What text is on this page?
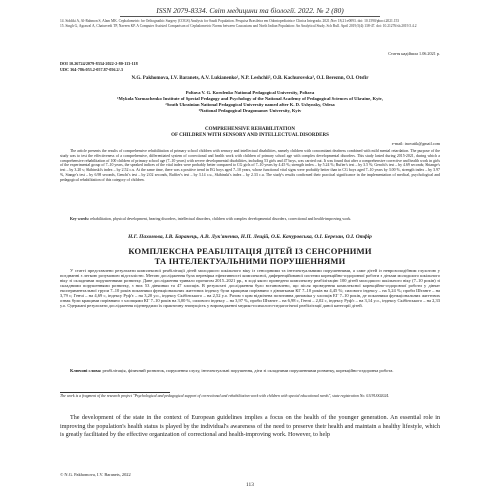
ISSN 2079-8334. Світ медицини та біології. 2022. № 2 (80)
14. Siddiki A, Al-Rahmon S, Alam MK. Cephalometric for Orthognathic Surgery (COGS) Analysis for Saudi Population. Pesquisa Brasileira em Odontopediatria e Clinica Integrada. 2021;Nov 18;21:e0093. doi: 10.1590/pboci.2021.153
15. Singh G, Agrawal A, Chaturvedi TP, Naveen KP. A Computer Assisted Comparison of Cephalometric Norms between Caucasians and North Indian Population: An Analytical Study. Sch Bull. April 2019;5(4):138-47. doi: 10.21276/sb.2019.5.4.2
Стаття надійшла 1.06.2021 р.
DOI 10.26724/2079-8334-2022-2-80-113-118
UDC 364-786:053.2-057.87-056.2/.3
N.G. Pakhomova, I.V. Baranets, A.V. Lukianenko¹, N.P. Leshchii², O.B. Kachurovska³, O.I. Bereznn, O.I. Otsfir
Poltava V. G. Korolenko National Pedagogical University, Poltava
¹Mykola Yarmachenko Institute of Special Pedagogy and Psychology of the National Academy of Pedagogical Sciences of Ukraine, Kyiv,
²South Ukrainian National Pedagogical University named after K. D. Ushynsky, Odesa
³National Pedagogical Dragomanov University, Kyiv
COMPREHENSIVE REHABILITATION
OF CHILDREN WITH SENSORY AND INTELLECTUAL DISORDERS
e-mail: inovatik@gmail.com
The article presents the results of comprehensive rehabilitation of primary school children with sensory and intellectual disabilities, namely children with concomitant deafness combined with mild mental retardation. The purpose of the study was to test the effectiveness of a comprehensive, differentiated system of correctional and health work with children of primary school age with complex developmental disorders. This study lasted during 2015-2021, during which a comprehensive rehabilitation of 100 children of primary school age (7–10 years) with severe developmental disabilities, including 53 girls and 47 boys, was carried out. It was found that after a comprehensive corrective and health work in girls of the experimental group of 7–10 years, the speaked indices of the vital index were probably better compared to CG girls of 7–10 years by 4.45 %; strength index – by 5.24 %; Rufier's test – by 3.5 %; Genchi's test – by 4.69 seconds; Shtange's test – by 3.20 s; Skibinski's index – by 2.52 c.u. At the same time, there was a positive trend in EG boys aged 7–10 years, whose functional vital signs were probably better than in CG boys aged 7–10 years by 3.00 %, strength index – by 3.97 %, Stange's test – by 6.98 seconds, Genchi's test – by 2.02 seconds, Ruffier's test – by 3.14 c.u., Skibinski's index – by 2.33 c.u. The study's results confirmed their practical significance in the implementation of medical, psychological and pedagogical rehabilitation of this category of children.
Key words: rehabilitation, physical development, hearing disorders, intellectual disorders, children with complex developmental disorders, correctional and health-improving work.
Н.Г. Пахомова, І.В. Баранець, А.В. Лук'яненко, Н.П. Лещій, О.Б. Качуровська, О.І. Березан, О.І. Отфір
КОМПЛЕКСНА РЕАБІЛІТАЦІЯ ДІТЕЙ ІЗ СЕНСОРНИМИ
ТА ІНТЕЛЕКТУАЛЬНИМИ ПОРУШЕННЯМИ
У статті представлено результати комплексної реабілітації дітей молодшого шкільного віку із сенсорними та інтелектуальними порушеннями, а саме дітей із неврозоподібним глухотою у поєднанні з легкою розумовою відсталістю. Метою дослідження була перевірка ефективності комплексної, диференційованої системи корекційно-оздоровчої роботи з дітьми молодшого шкільного віку зі складними порушеннями розвитку. Дане дослідження тривало протягом 2015–2021 рр., в ході якого проведено комплексну реабілітацію 100 дітей молодшого шкільного віку (7–10 років) зі складними порушеннями розвитку, з них 53 дівчинки та 47 хлопців. В результаті дослідження було встановлено, що після проведення комплексної корекційно-оздоровчої роботи у дівчат експериментальної групи 7–10 років показники функціональних життєвих індексу були кращими порівняно з дівчатками КГ 7–10 років на 4,45 %; силового індексу – на 5,24 %; проби Штанге – на 3,79 с; Генчі – на 4,69 с, індексу Руф'є – на 3,20 у.о., індексу Скібінського – на 2,52 у.о. Разом з цим відмічена позитивна динаміка у хлопців ЕГ 7–10 років, де показники функціональних життєвих ознак були кращими порівняно з хлопцями КГ 7–10 років на 3,00 %, силового індексу – на 3,97 %, проби Штанге – на 6,98 с, Генчі – 2,02 с, індексу Руф'є – на 3,14 у.о., індексу Скібінського – на 2,33 у.о. Одержані результати дослідження підтвердили їх практичну значущість у впровадженні медико-психолого-педагогічної реабілітації даної категорії дітей.
Ключові слова: реабілітація, фізичний розвиток, порушення слуху, інтелектуальні порушення, діти зі складними порушеннями розвитку, корекційно-оздоровча робота.
The work is a fragment of the research project "Psychological and pedagogical support of correctional and rehabilitation work with children with special educational needs", state registration No. 0119U002024.
The development of the state in the context of European guidelines implies a focus on the health of the younger generation. An essential role in improving the population's health status is played by the individual's awareness of the need to preserve their health and maintain a healthy lifestyle, which is greatly facilitated by the effective organization of correctional and health-improving work. However, to help
© N.G. Pakhomova, I.V. Baranets, 2022
113
